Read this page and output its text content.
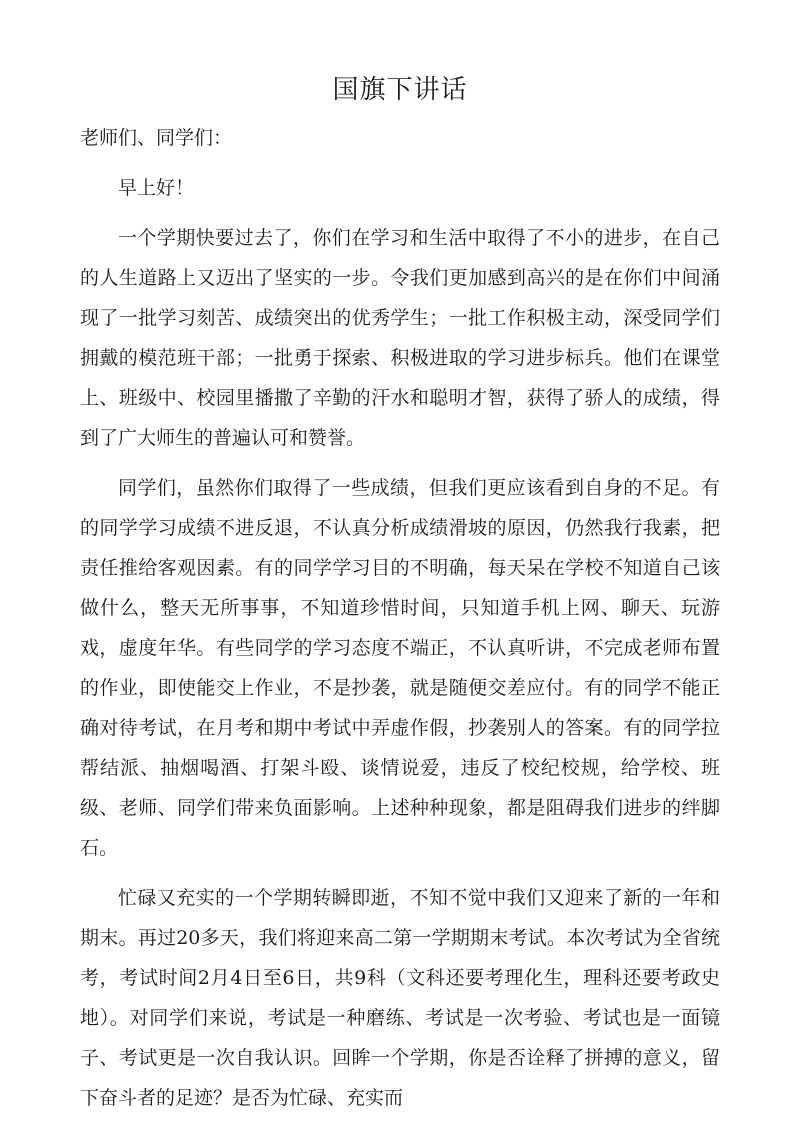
国旗下讲话

老师们、同学们：

早上好！

一个学期快要过去了，你们在学习和生活中取得了不小的进步，在自己的人生道路上又迈出了坚实的一步。令我们更加感到高兴的是在你们中间涌现了一批学习刻苦、成绩突出的优秀学生；一批工作积极主动，深受同学们拥戴的模范班干部；一批勇于探索、积极进取的学习进步标兵。他们在课堂上、班级中、校园里播撒了辛勤的汗水和聪明才智，获得了骄人的成绩，得到了广大师生的普遍认可和赞誉。

同学们，虽然你们取得了一些成绩，但我们更应该看到自身的不足。有的同学学习成绩不进反退，不认真分析成绩滑坡的原因，仍然我行我素，把责任推给客观因素。有的同学学习目的不明确，每天呆在学校不知道自己该做什么，整天无所事事，不知道珍惜时间，只知道手机上网、聊天、玩游戏，虚度年华。有些同学的学习态度不端正，不认真听讲，不完成老师布置的作业，即使能交上作业，不是抄袭，就是随便交差应付。有的同学不能正确对待考试，在月考和期中考试中弄虚作假，抄袭别人的答案。有的同学拉帮结派、抽烟喝酒、打架斗殴、谈情说爱，违反了校纪校规，给学校、班级、老师、同学们带来负面影响。上述种种现象，都是阻碍我们进步的绊脚石。

忙碌又充实的一个学期转瞬即逝，不知不觉中我们又迎来了新的一年和期末。再过20多天，我们将迎来高二第一学期期末考试。本次考试为全省统考，考试时间2月4日至6日，共9科（文科还要考理化生，理科还要考政史地）。对同学们来说，考试是一种磨练、考试是一次考验、考试也是一面镜子、考试更是一次自我认识。回眸一个学期，你是否诠释了拼搏的意义，留下奋斗者的足迹？是否为忙碌、充实而
